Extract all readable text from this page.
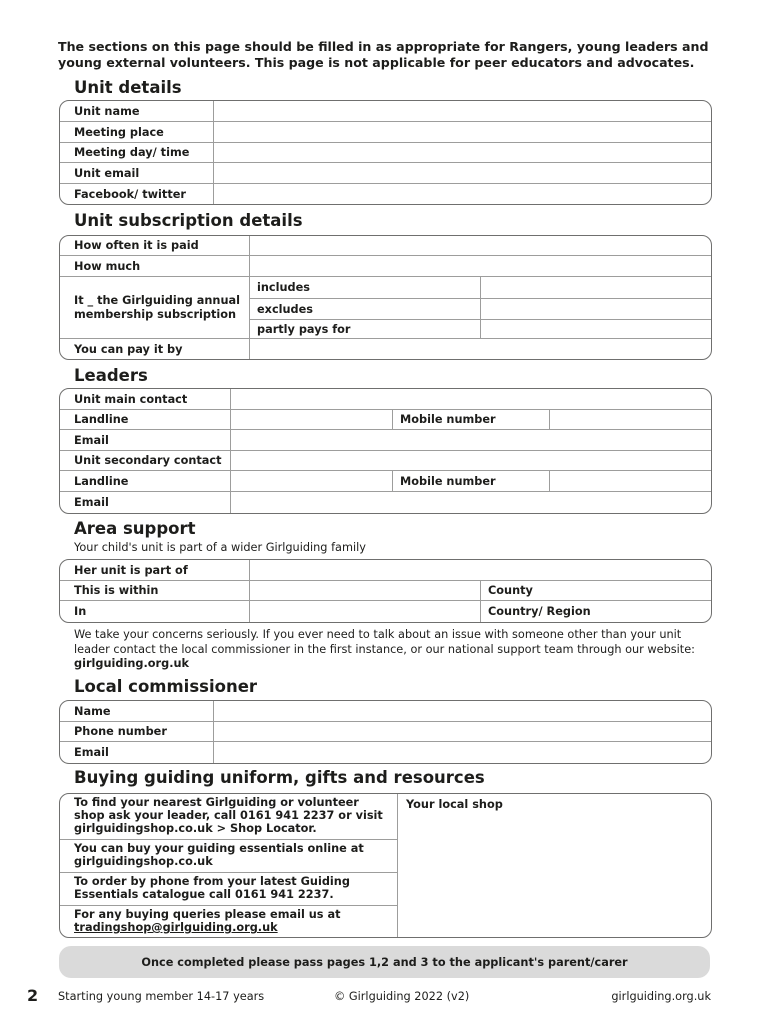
The sections on this page should be filled in as appropriate for Rangers, young leaders and young external volunteers. This page is not applicable for peer educators and advocates.
Unit details
Unit name
Meeting place
Meeting day/ time
Unit email
Facebook/ twitter
Unit subscription details
How often it is paid
How much
It _ the Girlguiding annual membership subscription
includes
excludes
partly pays for
You can pay it by
Leaders
Unit main contact
Landline	Mobile number
Email
Unit secondary contact
Landline	Mobile number
Email
Area support
Your child's unit is part of a wider Girlguiding family
Her unit is part of
This is within	County
In	Country/ Region
We take your concerns seriously. If you ever need to talk about an issue with someone other than your unit leader contact the local commissioner in the first instance, or our national support team through our website: girlguiding.org.uk
Local commissioner
Name
Phone number
Email
Buying guiding uniform, gifts and resources
To find your nearest Girlguiding or volunteer shop ask your leader, call 0161 941 2237 or visit girlguidingshop.co.uk > Shop Locator.
You can buy your guiding essentials online at girlguidingshop.co.uk
To order by phone from your latest Guiding Essentials catalogue call 0161 941 2237.
For any buying queries please email us at
tradingshop@girlguiding.org.uk
Your local shop
Once completed please pass pages 1,2 and 3 to the applicant's parent/carer
2 Starting young member 14-17 years	© Girlguiding 2022 (v2)	girlguiding.org.uk
